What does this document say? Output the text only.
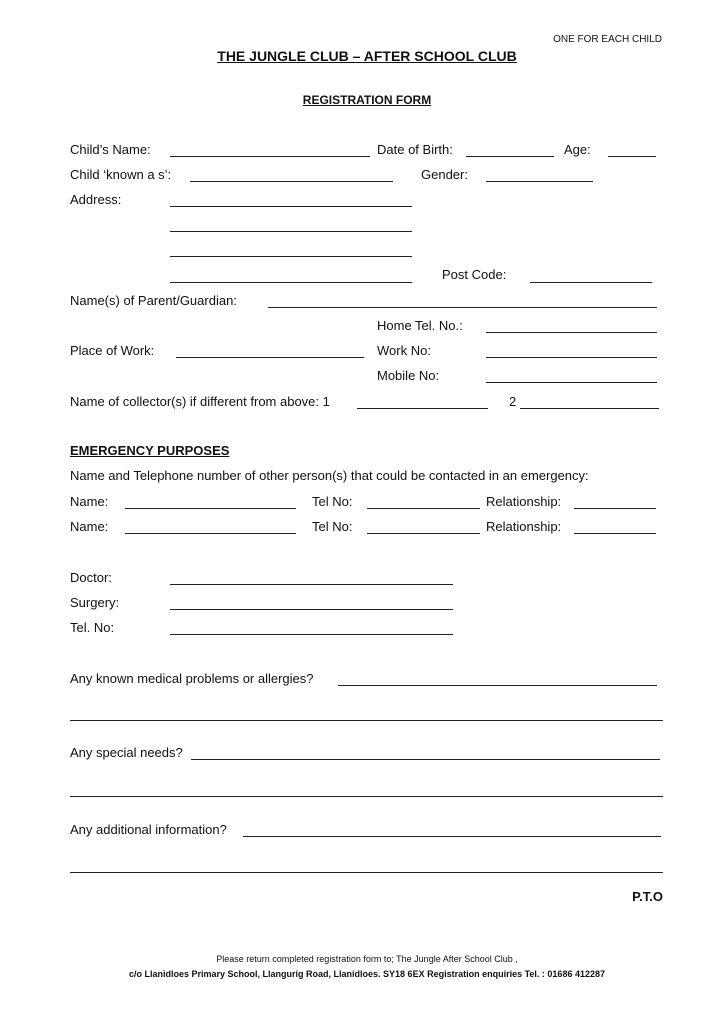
ONE FOR EACH CHILD
THE JUNGLE CLUB – AFTER SCHOOL CLUB
REGISTRATION FORM
Child’s Name:	Date of Birth:	Age:
Child ‘known a s’:	Gender:
Address:
Post Code:
Name(s) of Parent/Guardian:
Home Tel. No.:
Place of Work:	Work No:
Mobile No:
Name of collector(s) if different from above: 1	2
EMERGENCY PURPOSES
Name and Telephone number of other person(s) that could be contacted in an emergency:
Name:	Tel No:	Relationship:
Name:	Tel No:	Relationship:
Doctor:
Surgery:
Tel. No:
Any known medical problems or allergies?
Any special needs?
Any additional information?
P.T.O
Please return completed registration form to; The Jungle After School Club ,
c/o Llanidloes Primary School, Llangurig Road, Llanidloes. SY18 6EX Registration enquiries Tel. : 01686 412287
